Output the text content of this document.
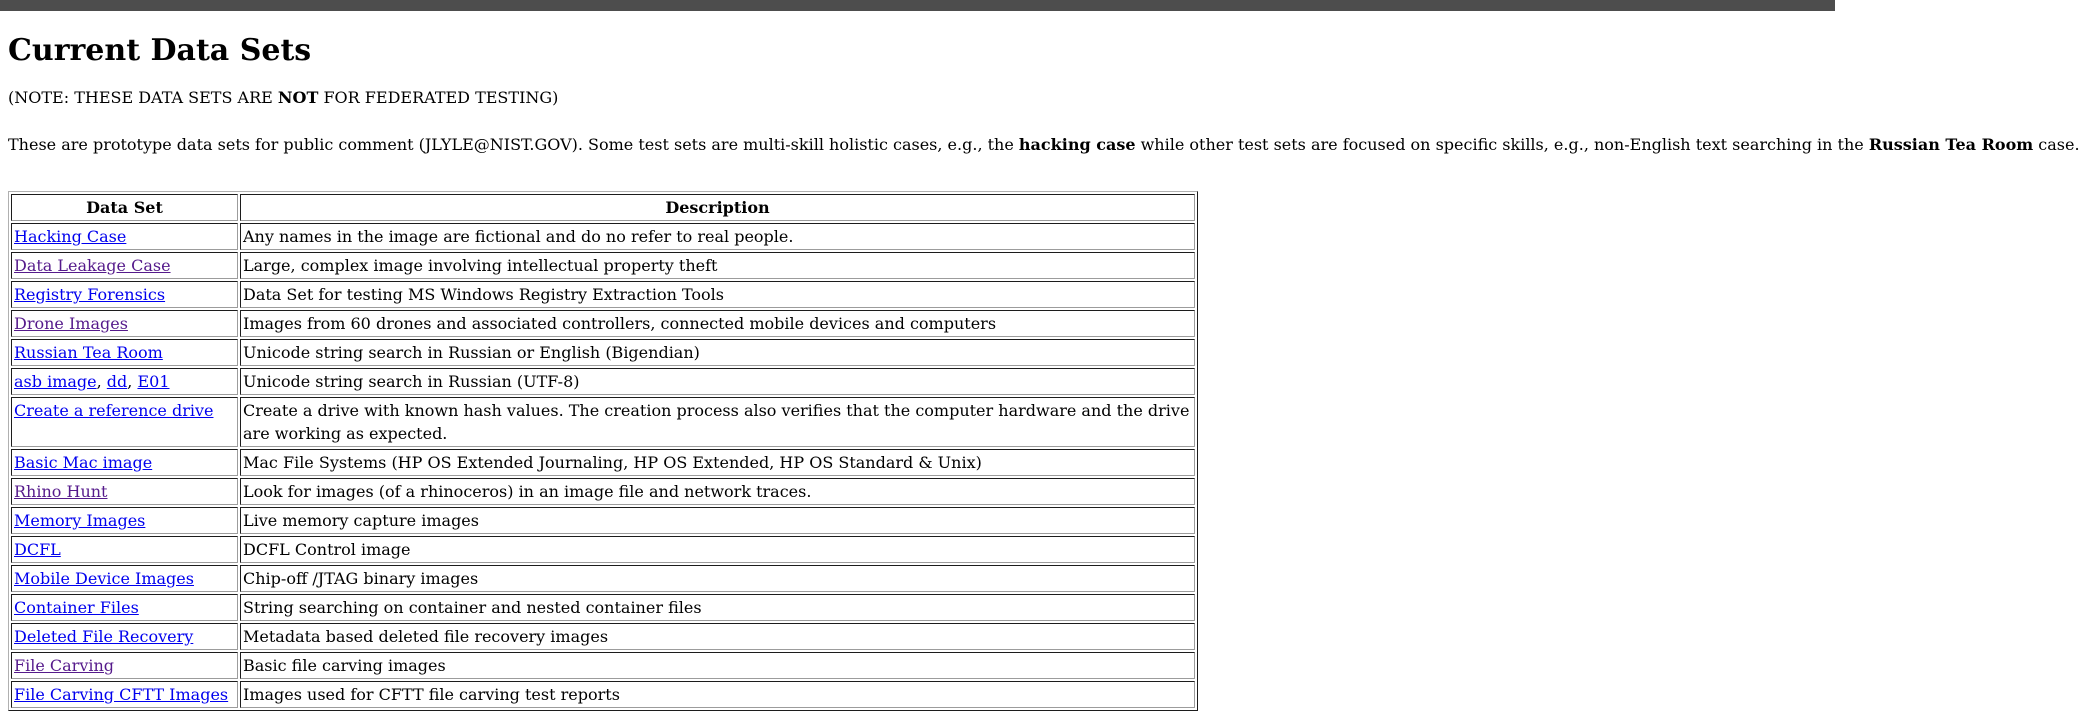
Current Data Sets

(NOTE: THESE DATA SETS ARE NOT FOR FEDERATED TESTING)

These are prototype data sets for public comment (JLYLE@NIST.GOV). Some test sets are multi-skill holistic cases, e.g., the hacking case while other test sets are focused on specific skills, e.g., non-English text searching in the Russian Tea Room case.

Data Set	Description
Hacking Case	Any names in the image are fictional and do no refer to real people.
Data Leakage Case	Large, complex image involving intellectual property theft
Registry Forensics	Data Set for testing MS Windows Registry Extraction Tools
Drone Images	Images from 60 drones and associated controllers, connected mobile devices and computers
Russian Tea Room	Unicode string search in Russian or English (Bigendian)
asb image, dd, E01	Unicode string search in Russian (UTF-8)
Create a reference drive	Create a drive with known hash values. The creation process also verifies that the computer hardware and the drive are working as expected.
Basic Mac image	Mac File Systems (HP OS Extended Journaling, HP OS Extended, HP OS Standard & Unix)
Rhino Hunt	Look for images (of a rhinoceros) in an image file and network traces.
Memory Images	Live memory capture images
DCFL	DCFL Control image
Mobile Device Images	Chip-off /JTAG binary images
Container Files	String searching on container and nested container files
Deleted File Recovery	Metadata based deleted file recovery images
File Carving	Basic file carving images
File Carving CFTT Images	Images used for CFTT file carving test reports
